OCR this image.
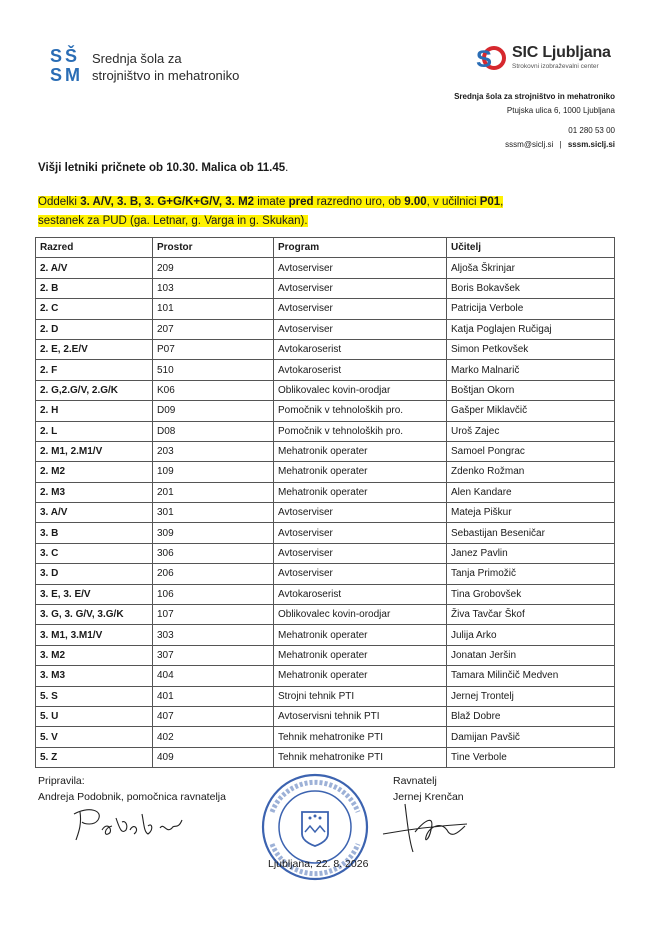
S Š
S M
Srednja šola za
strojništvo in mehatroniko
S SIC Ljubljana
Strokovni izobraževalni center
Srednja šola za strojništvo in mehatroniko
Ptujska ulica 6, 1000 Ljubljana
01 280 53 00
sssm@siclj.si | sssm.siclj.si
Višji letniki pričnete ob 10.30. Malica ob 11.45.
Oddelki 3. A/V, 3. B, 3. G+G/K+G/V, 3. M2 imate pred razredno uro, ob 9.00, v učilnici P01,
sestanek za PUD (ga. Letnar, g. Varga in g. Skukan).
Razred	Prostor	Program	Učitelj
2. A/V	209	Avtoserviser	Aljoša Škrinjar
2. B	103	Avtoserviser	Boris Bokavšek
2. C	101	Avtoserviser	Patricija Verbole
2. D	207	Avtoserviser	Katja Poglajen Ručigaj
2. E, 2.E/V	P07	Avtokaroserist	Simon Petkovšek
2. F	510	Avtokaroserist	Marko Malnarič
2. G,2.G/V, 2.G/K	K06	Oblikovalec kovin-orodjar	Boštjan Okorn
2. H	D09	Pomočnik v tehnoloških pro.	Gašper Miklavčič
2. L	D08	Pomočnik v tehnoloških pro.	Uroš Zajec
2. M1, 2.M1/V	203	Mehatronik operater	Samoel Pongrac
2. M2	109	Mehatronik operater	Zdenko Rožman
2. M3	201	Mehatronik operater	Alen Kandare
3. A/V	301	Avtoserviser	Mateja Piškur
3. B	309	Avtoserviser	Sebastijan Beseničar
3. C	306	Avtoserviser	Janez Pavlin
3. D	206	Avtoserviser	Tanja Primožič
3. E, 3. E/V	106	Avtokaroserist	Tina Grobovšek
3. G, 3. G/V, 3.G/K	107	Oblikovalec kovin-orodjar	Živa Tavčar Škof
3. M1, 3.M1/V	303	Mehatronik operater	Julija Arko
3. M2	307	Mehatronik operater	Jonatan Jeršin
3. M3	404	Mehatronik operater	Tamara Milinčič Medven
5. S	401	Strojni tehnik PTI	Jernej Trontelj
5. U	407	Avtoservisni tehnik PTI	Blaž Dobre
5. V	402	Tehnik mehatronike PTI	Damijan Pavšič
5. Z	409	Tehnik mehatronike PTI	Tine Verbole
Pripravila:
Andreja Podobnik, pomočnica ravnatelja
Ravnatelj
Jernej Krenčan
Ljubljana, 22. 8. 2026
